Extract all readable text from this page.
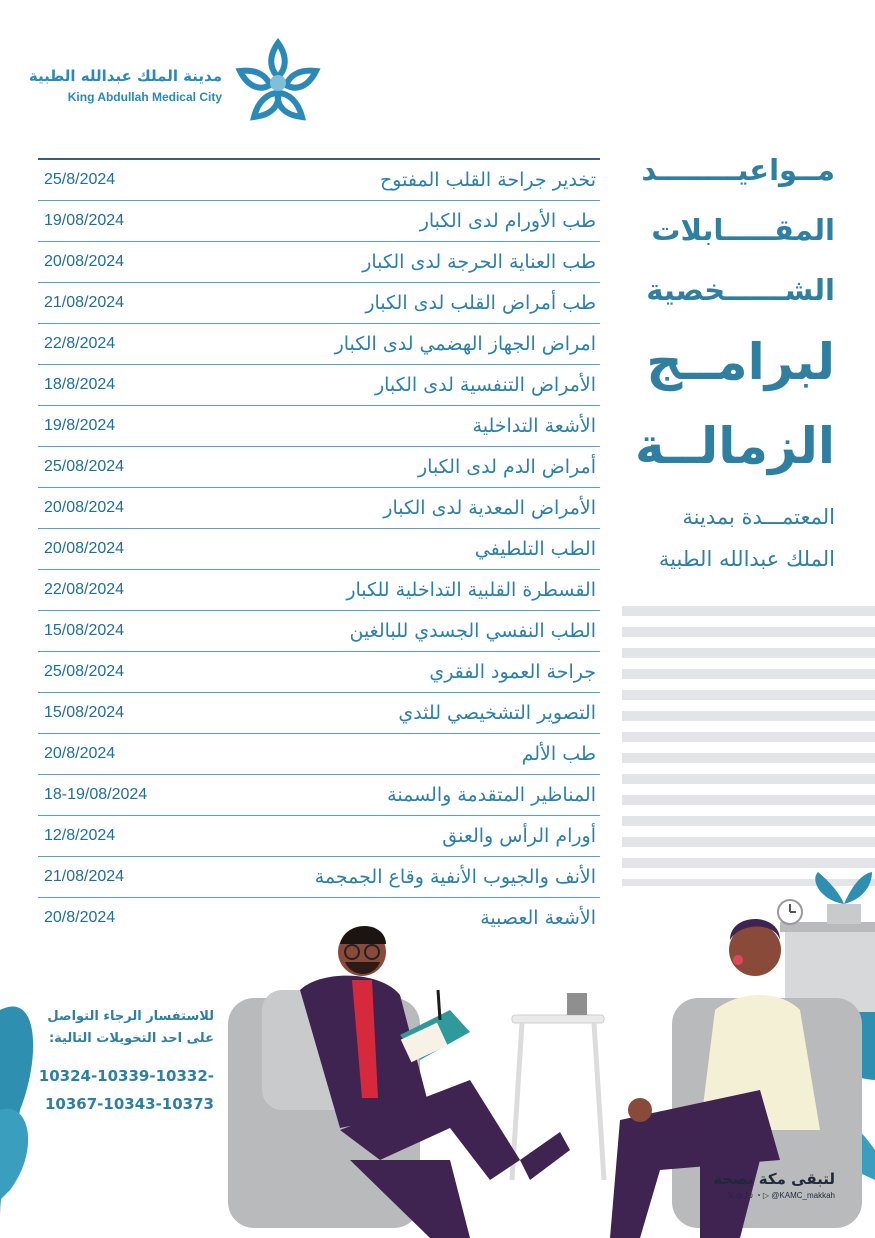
مدينة الملك عبدالله الطبية
King Abdullah Medical City
25/8/2024	تخدير جراحة القلب المفتوح
19/08/2024	طب الأورام لدى الكبار
20/08/2024	طب العناية الحرجة لدى الكبار
21/08/2024	طب أمراض القلب لدى الكبار
22/8/2024	امراض الجهاز الهضمي لدى الكبار
18/8/2024	الأمراض التنفسية لدى الكبار
19/8/2024	الأشعة التداخلية
25/08/2024	أمراض الدم لدى الكبار
20/08/2024	الأمراض المعدية لدى الكبار
20/08/2024	الطب التلطيفي
22/08/2024	القسطرة القلبية التداخلية للكبار
15/08/2024	الطب النفسي الجسدي للبالغين
25/08/2024	جراحة العمود الفقري
15/08/2024	التصوير التشخيصي للثدي
20/8/2024	طب الألم
18-19/08/2024	المناظير المتقدمة والسمنة
12/8/2024	أورام الرأس والعنق
21/08/2024	الأنف والجيوب الأنفية وقاع الجمجمة
20/8/2024	الأشعة العصبية
مــواعيــــــــد
المقـــــابلات
الشــــــخصية
لبرامــج
الزمالــة
المعتمـــدة بمدينة
الملك عبدالله الطبية
للاستفسار الرجاء التواصل
على احد التحويلات التالية:
10324-10339-10332-
10367-10343-10373
لتبقى مكة بصحة
𝕏 ◎ f ♪ ◔ ▷ @KAMC_makkah
